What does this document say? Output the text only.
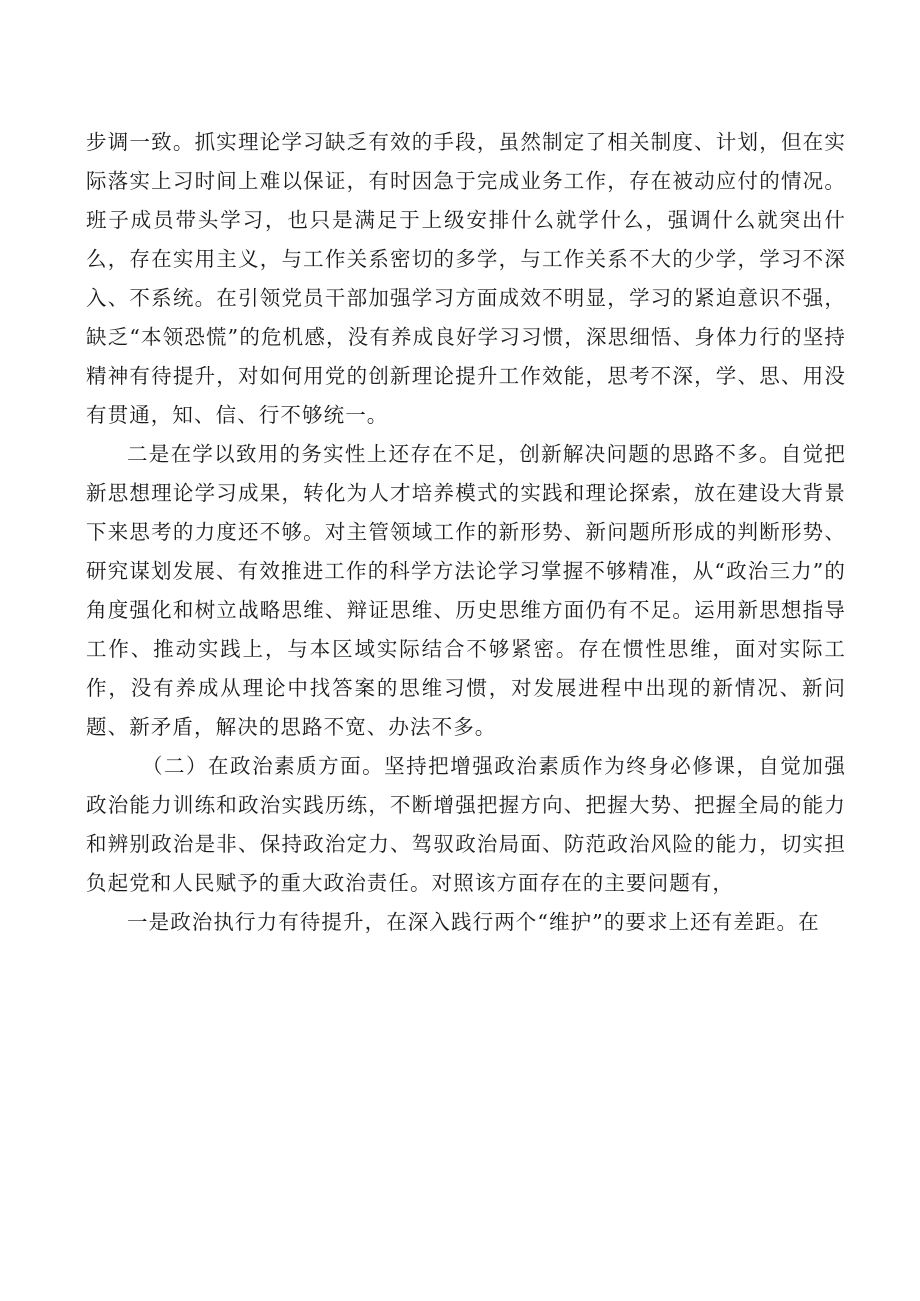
步调一致。抓实理论学习缺乏有效的手段，虽然制定了相关制度、计划，但在实际落实上习时间上难以保证，有时因急于完成业务工作，存在被动应付的情况。班子成员带头学习，也只是满足于上级安排什么就学什么，强调什么就突出什么，存在实用主义，与工作关系密切的多学，与工作关系不大的少学，学习不深入、不系统。在引领党员干部加强学习方面成效不明显，学习的紧迫意识不强，缺乏“本领恐慌”的危机感，没有养成良好学习习惯，深思细悟、身体力行的坚持精神有待提升，对如何用党的创新理论提升工作效能，思考不深，学、思、用没有贯通，知、信、行不够统一。

二是在学以致用的务实性上还存在不足，创新解决问题的思路不多。自觉把新思想理论学习成果，转化为人才培养模式的实践和理论探索，放在建设大背景下来思考的力度还不够。对主管领域工作的新形势、新问题所形成的判断形势、研究谋划发展、有效推进工作的科学方法论学习掌握不够精准，从“政治三力”的角度强化和树立战略思维、辩证思维、历史思维方面仍有不足。运用新思想指导工作、推动实践上，与本区域实际结合不够紧密。存在惯性思维，面对实际工作，没有养成从理论中找答案的思维习惯，对发展进程中出现的新情况、新问题、新矛盾，解决的思路不宽、办法不多。

（二）在政治素质方面。坚持把增强政治素质作为终身必修课，自觉加强政治能力训练和政治实践历练，不断增强把握方向、把握大势、把握全局的能力和辨别政治是非、保持政治定力、驾驭政治局面、防范政治风险的能力，切实担负起党和人民赋予的重大政治责任。对照该方面存在的主要问题有，

一是政治执行力有待提升，在深入践行两个“维护”的要求上还有差距。在
